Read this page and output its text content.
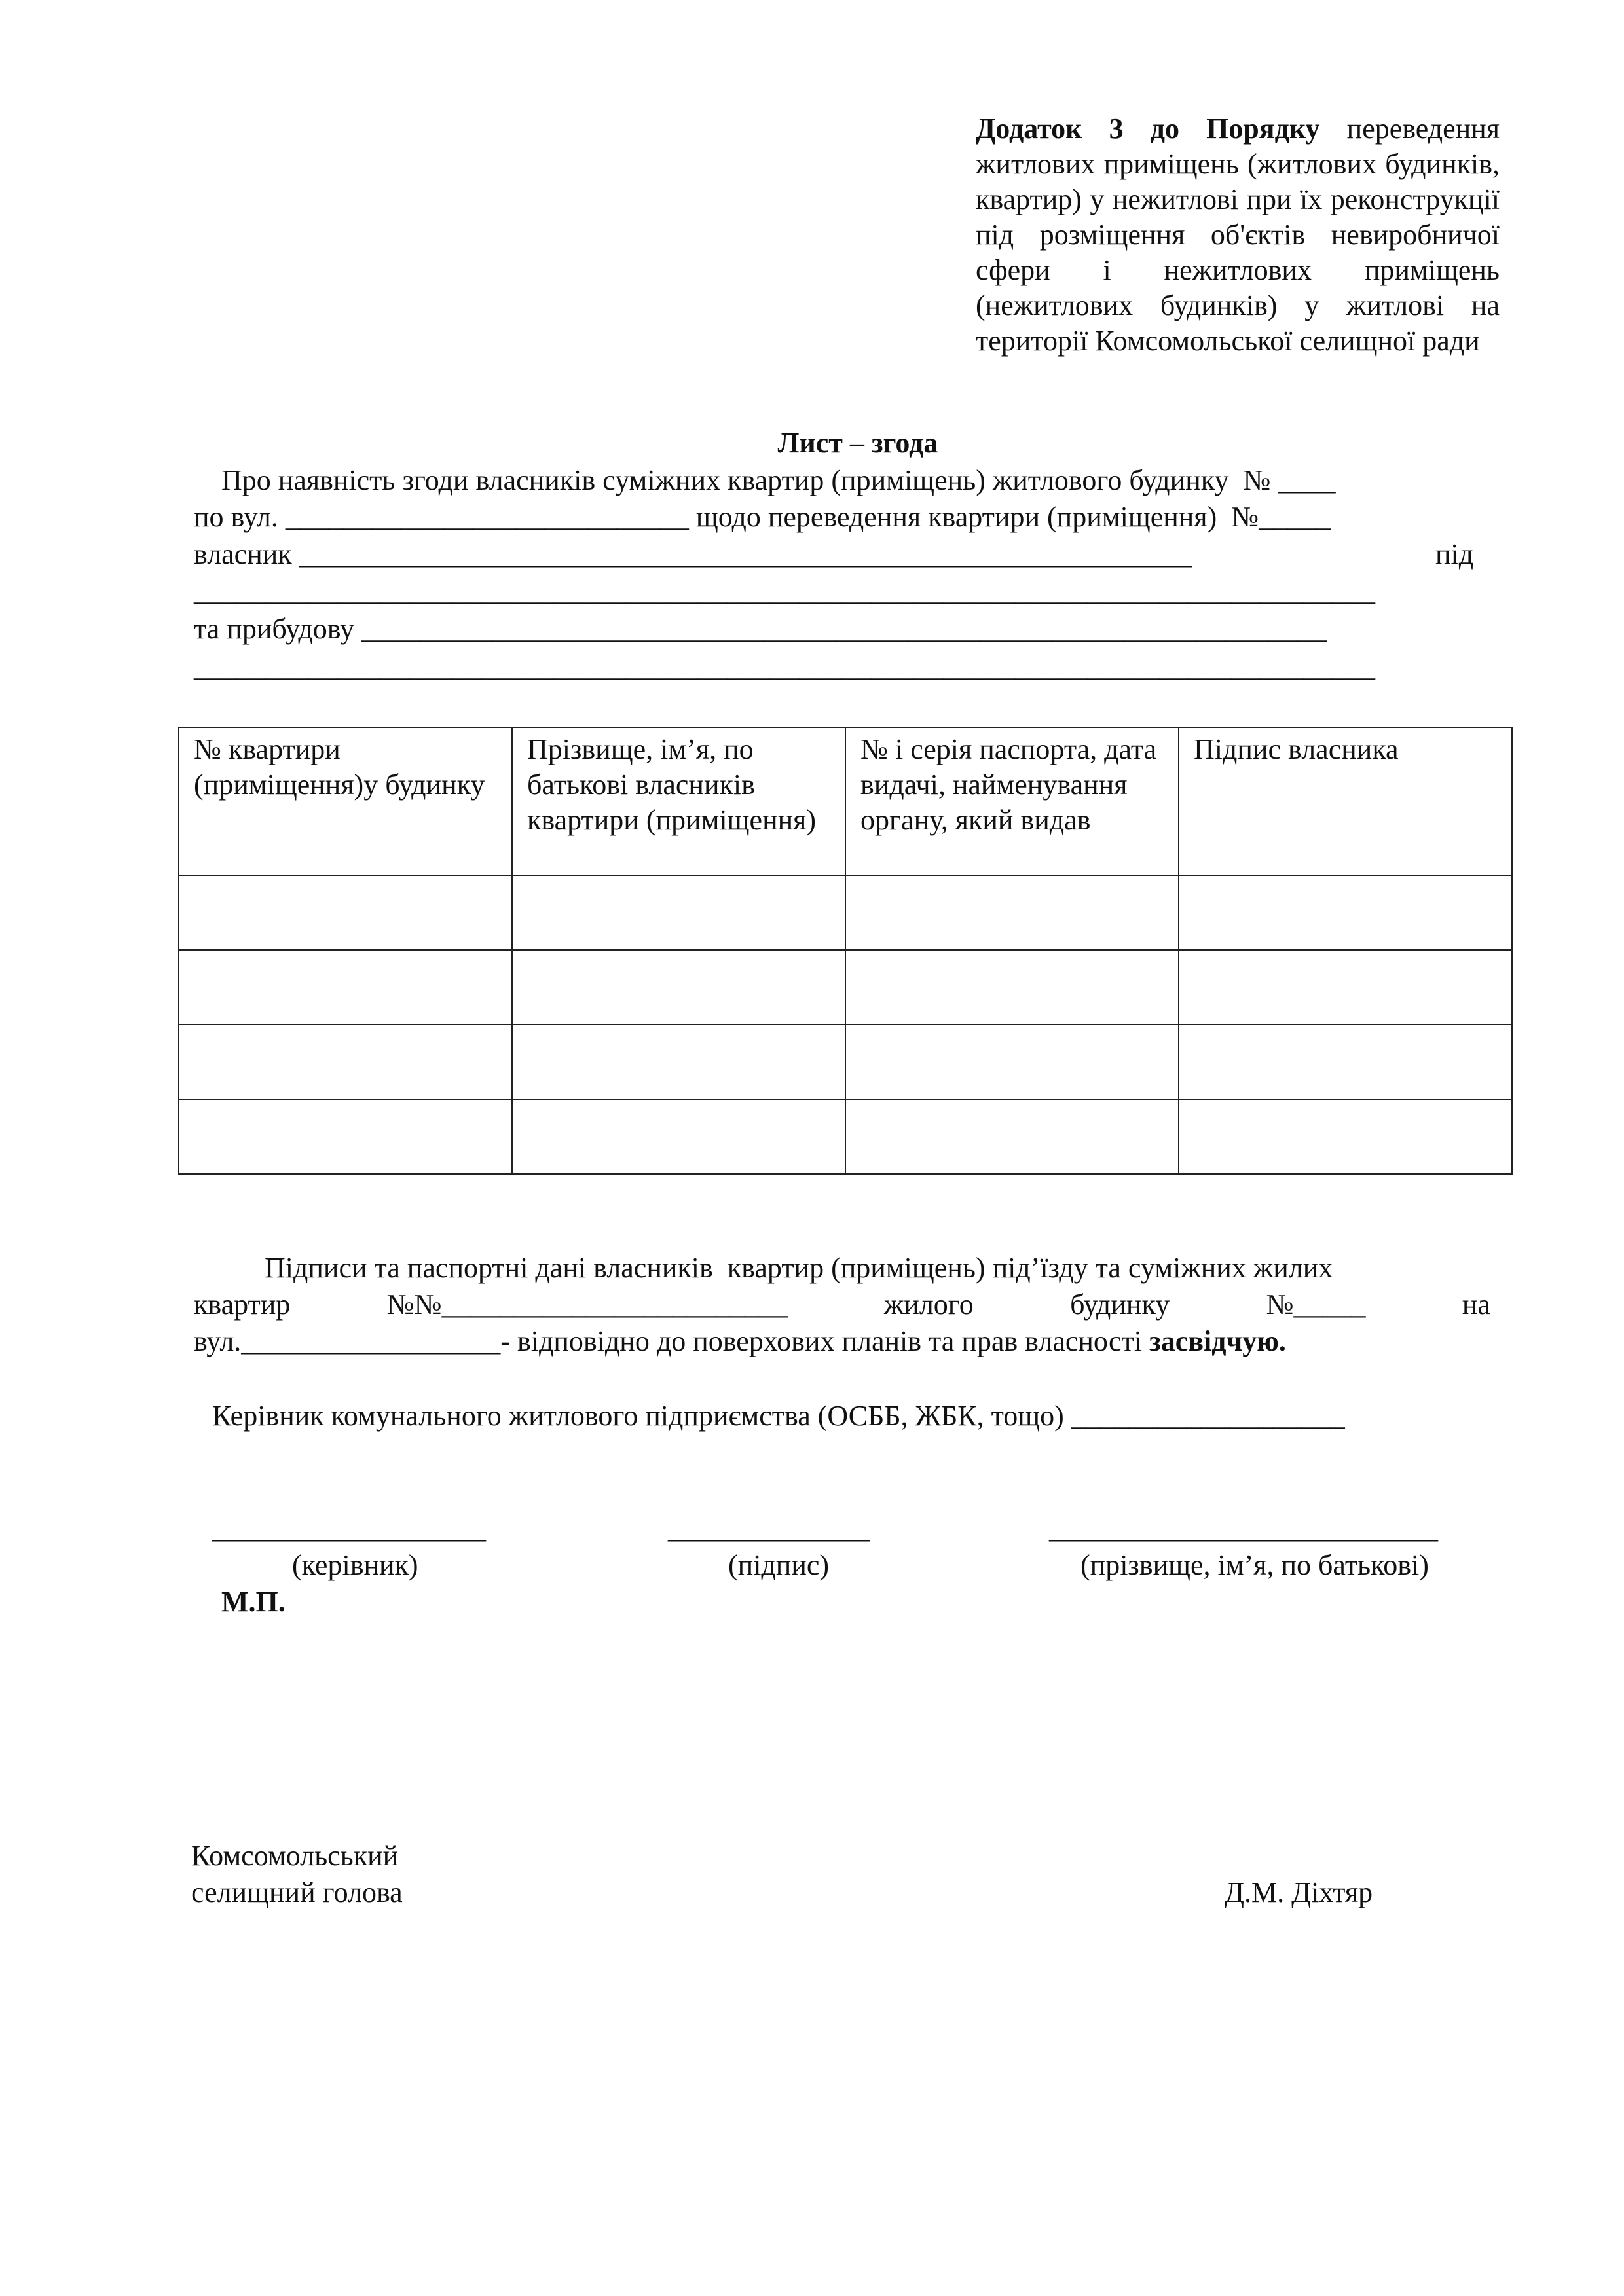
Додаток 3 до Порядку переведення житлових приміщень (житлових будинків, квартир) у нежитлові при їх реконструкції під розміщення об'єктів невиробничої сфери і нежитлових приміщень (нежитлових будинків) у житлові на території Комсомольської селищної ради
Лист – згода
Про наявність згоди власників суміжних квартир (приміщень) житлового будинку  № ____
по вул. ____________________________ щодо переведення квартири (приміщення)  №_____
власник ______________________________________________________________	під
__________________________________________________________________________________
та прибудову ___________________________________________________________________
__________________________________________________________________________________
№ квартири (приміщення)у будинку	Прізвище, ім’я, по батькові власників квартири (приміщення)	№ і серія паспорта, дата видачі, найменування органу, який видав	Підпис власника

Підписи та паспортні дані власників  квартир (приміщень) під’їзду та суміжних жилих
квартир	№№________________________	жилого	будинку	№_____	на
вул.__________________- відповідно до поверхових планів та прав власності засвідчую.
Керівник комунального житлового підприємства (ОСББ, ЖБК, тощо) ___________________
___________________	______________	___________________________
(керівник)	(підпис)	(прізвище, ім’я, по батькові)
М.П.
Комсомольський
селищний голова	Д.М. Діхтяр
